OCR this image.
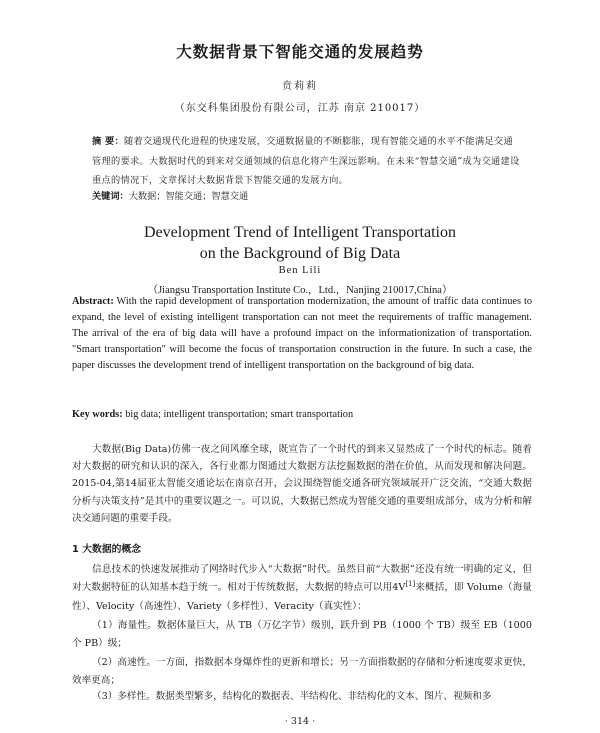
大数据背景下智能交通的发展趋势
贲莉莉
（东交科集团股份有限公司，江苏 南京 210017）
摘 要：随着交通现代化进程的快速发展，交通数据量的不断膨胀，现有智能交通的水平不能满足交通管理的要求。大数据时代的到来对交通领域的信息化将产生深远影响。在未来“智慧交通”成为交通建设重点的情况下，文章探讨大数据背景下智能交通的发展方向。
关键词：大数据；智能交通；智慧交通
Development Trend of Intelligent Transportation
on the Background of Big Data
Ben Lili
（Jiangsu Transportation Institute Co.，Ltd.，Nanjing 210017,China）
Abstract: With the rapid development of transportation modernization, the amount of traffic data continues to expand, the level of existing intelligent transportation can not meet the requirements of traffic management. The arrival of the era of big data will have a profound impact on the informationization of transportation. "Smart transportation" will become the focus of transportation construction in the future. In such a case, the paper discusses the development trend of intelligent transportation on the background of big data.
Key words: big data; intelligent transportation; smart transportation
大数据(Big Data)仿佛一夜之间风靡全球，既宣告了一个时代的到来又显然成了一个时代的标志。随着对大数据的研究和认识的深入，各行业都力图通过大数据方法挖掘数据的潜在价值，从而发现和解决问题。2015-04,第14届亚太智能交通论坛在南京召开，会议围绕智能交通各研究领域展开广泛交流，“交通大数据分析与决策支持”是其中的重要议题之一。可以说，大数据已然成为智能交通的重要组成部分，成为分析和解决交通问题的重要手段。
1 大数据的概念
信息技术的快速发展推动了网络时代步入“大数据”时代。虽然目前“大数据”还没有统一明确的定义，但对大数据特征的认知基本趋于统一。相对于传统数据，大数据的特点可以用4V[1]来概括，即 Volume（海量性）、Velocity（高速性）、Variety（多样性）、Veracity（真实性）：
（1）海量性。数据体量巨大，从 TB（万亿字节）级别，跃升到 PB（1000 个 TB）级至 EB（1000个 PB）级；
（2）高速性。一方面，指数据本身爆炸性的更新和增长；另一方面指数据的存储和分析速度要求更快，效率更高；
（3）多样性。数据类型繁多，结构化的数据表、半结构化、非结构化的文本、图片、视频和多
· 314 ·
